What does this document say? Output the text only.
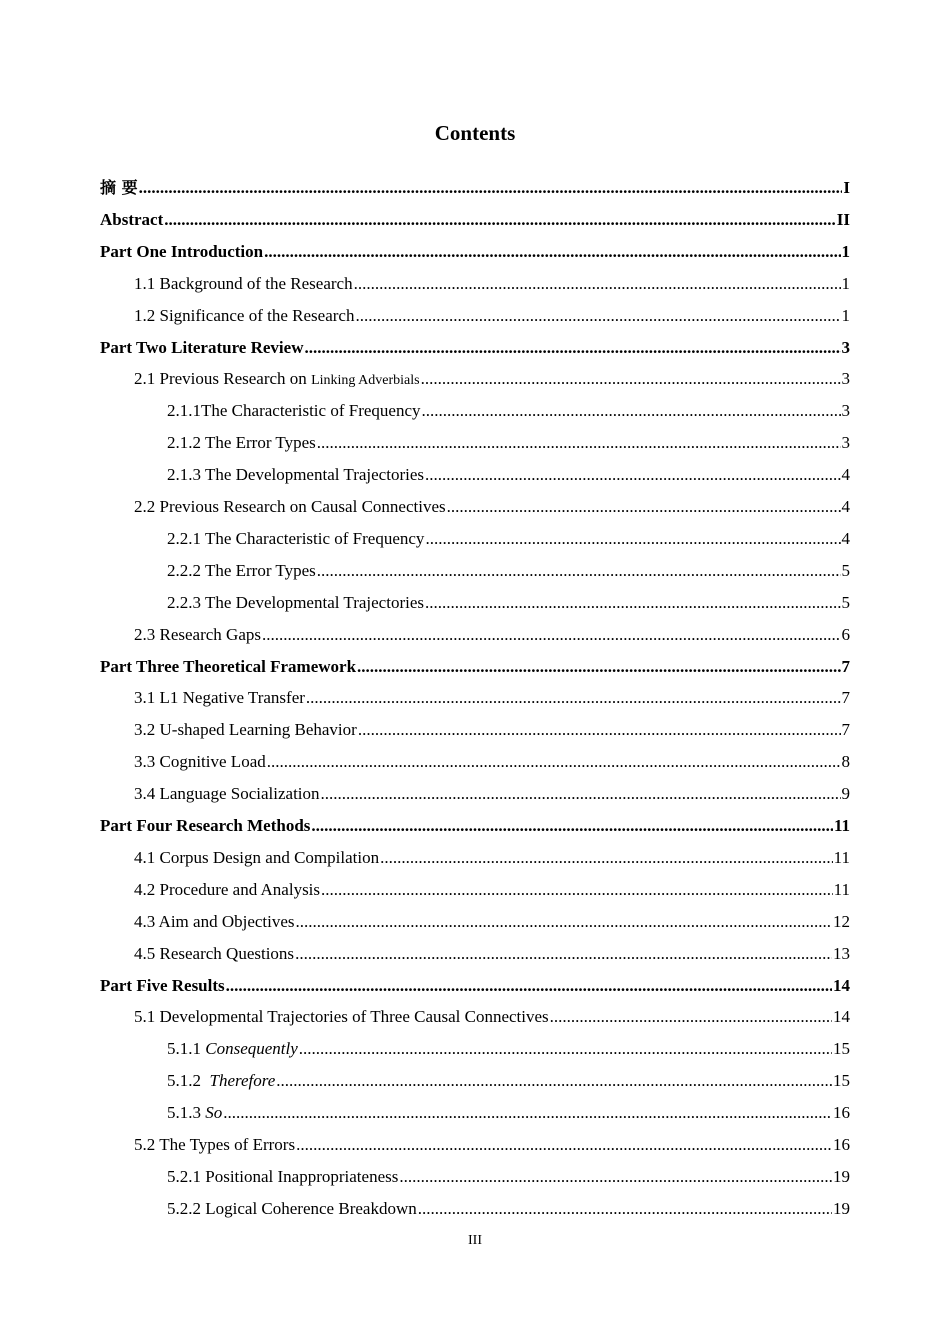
Contents
摘 要 .....	I
Abstract .....	II
Part One Introduction .....	1
1.1 Background of the Research .....	1
1.2 Significance of the Research .....	1
Part Two Literature Review .....	3
2.1 Previous Research on Linking Adverbials .....	3
2.1.1The Characteristic of Frequency .....	3
2.1.2 The Error Types .....	3
2.1.3 The Developmental Trajectories .....	4
2.2 Previous Research on Causal Connectives .....	4
2.2.1 The Characteristic of Frequency .....	4
2.2.2 The Error Types .....	5
2.2.3 The Developmental Trajectories .....	5
2.3 Research Gaps .....	6
Part Three Theoretical Framework .....	7
3.1 L1 Negative Transfer .....	7
3.2 U-shaped Learning Behavior .....	7
3.3 Cognitive Load .....	8
3.4 Language Socialization .....	9
Part Four Research Methods .....	11
4.1 Corpus Design and Compilation .....	11
4.2 Procedure and Analysis .....	11
4.3 Aim and Objectives .....	12
4.5 Research Questions .....	13
Part Five Results .....	14
5.1 Developmental Trajectories of Three Causal Connectives .....	14
5.1.1 Consequently .....	15
5.1.2  Therefore .....	15
5.1.3 So .....	16
5.2 The Types of Errors .....	16
5.2.1 Positional Inappropriateness .....	19
5.2.2 Logical Coherence Breakdown .....	19
III
